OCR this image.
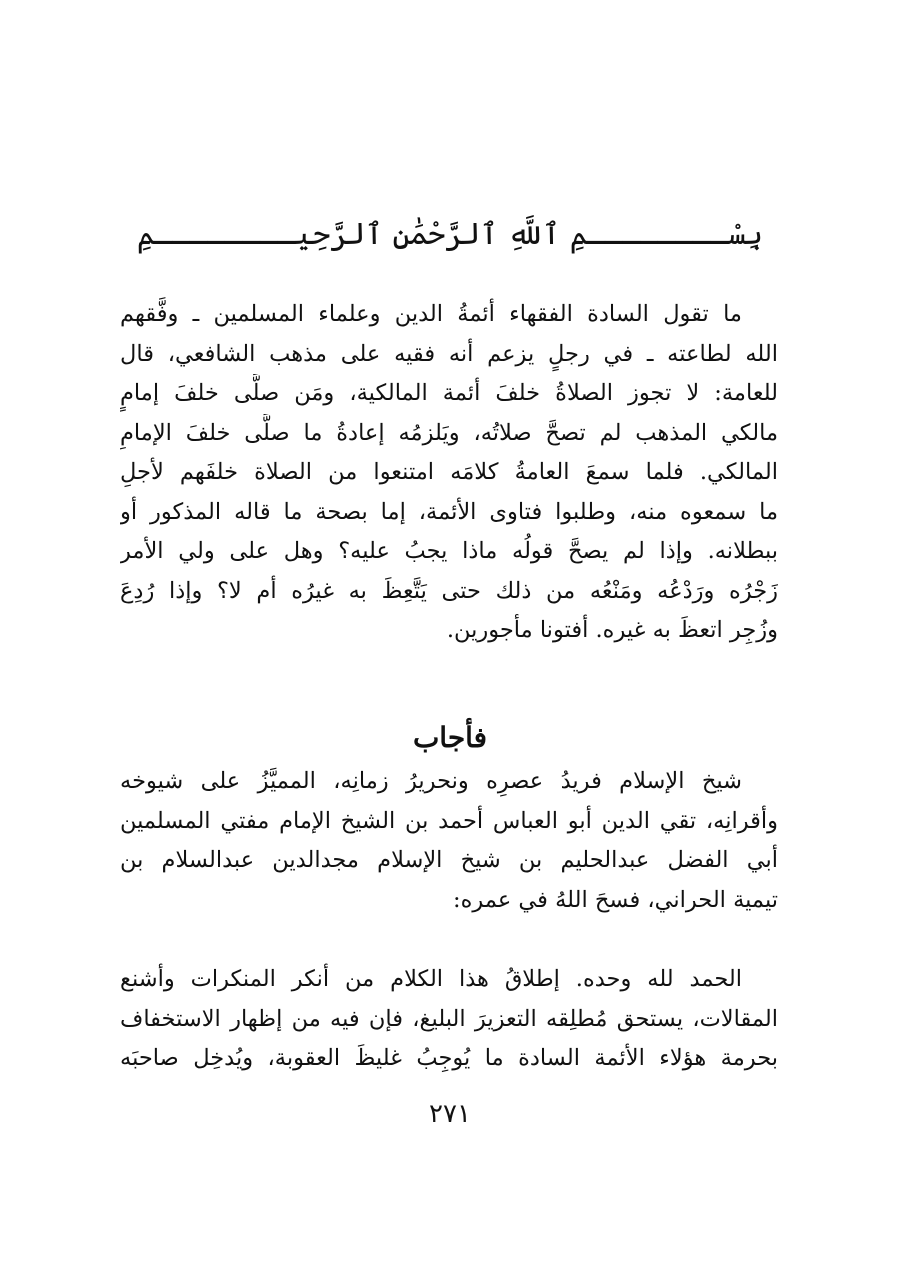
بِسْــــــــمِ ٱللَّهِ ٱلرَّحْمَٰنِ ٱلرَّحِيــــــــمِ
ما تقول السادة الفقهاء أئمةُ الدين وعلماء المسلمين ـ وفَّقهم
الله لطاعته ـ في رجلٍ يزعم أنه فقيه على مذهب الشافعي، قال
للعامة: لا تجوز الصلاةُ خلفَ أئمة المالكية، ومَن صلَّى خلفَ إمامٍ
مالكي المذهب لم تصحَّ صلاتُه، ويَلزمُه إعادةُ ما صلَّى خلفَ الإمامِ
المالكي. فلما سمعَ العامةُ كلامَه امتنعوا من الصلاة خلفَهم لأجلِ
ما سمعوه منه، وطلبوا فتاوى الأئمة، إما بصحة ما قاله المذكور أو
ببطلانه. وإذا لم يصحَّ قولُه ماذا يجبُ عليه؟ وهل على ولي الأمر
زَجْرُه ورَدْعُه ومَنْعُه من ذلك حتى يَتَّعِظَ به غيرُه أم لا؟ وإذا رُدِعَ
وزُجِر اتعظَ به غيره. أفتونا مأجورين.
فأجاب
شيخ الإسلام فريدُ عصرِه ونحريرُ زمانِه، المميَّزُ على شيوخه
وأقرانِه، تقي الدين أبو العباس أحمد بن الشيخ الإمام مفتي المسلمين
أبي الفضل عبدالحليم بن شيخ الإسلام مجدالدين عبدالسلام بن
تيمية الحراني، فسحَ اللهُ في عمره:
الحمد لله وحده. إطلاقُ هذا الكلام من أنكر المنكرات وأشنع
المقالات، يستحق مُطلِقه التعزيرَ البليغ، فإن فيه من إظهار الاستخفاف
بحرمة هؤلاء الأئمة السادة ما يُوجِبُ غليظَ العقوبة، ويُدخِل صاحبَه
٢٧١
